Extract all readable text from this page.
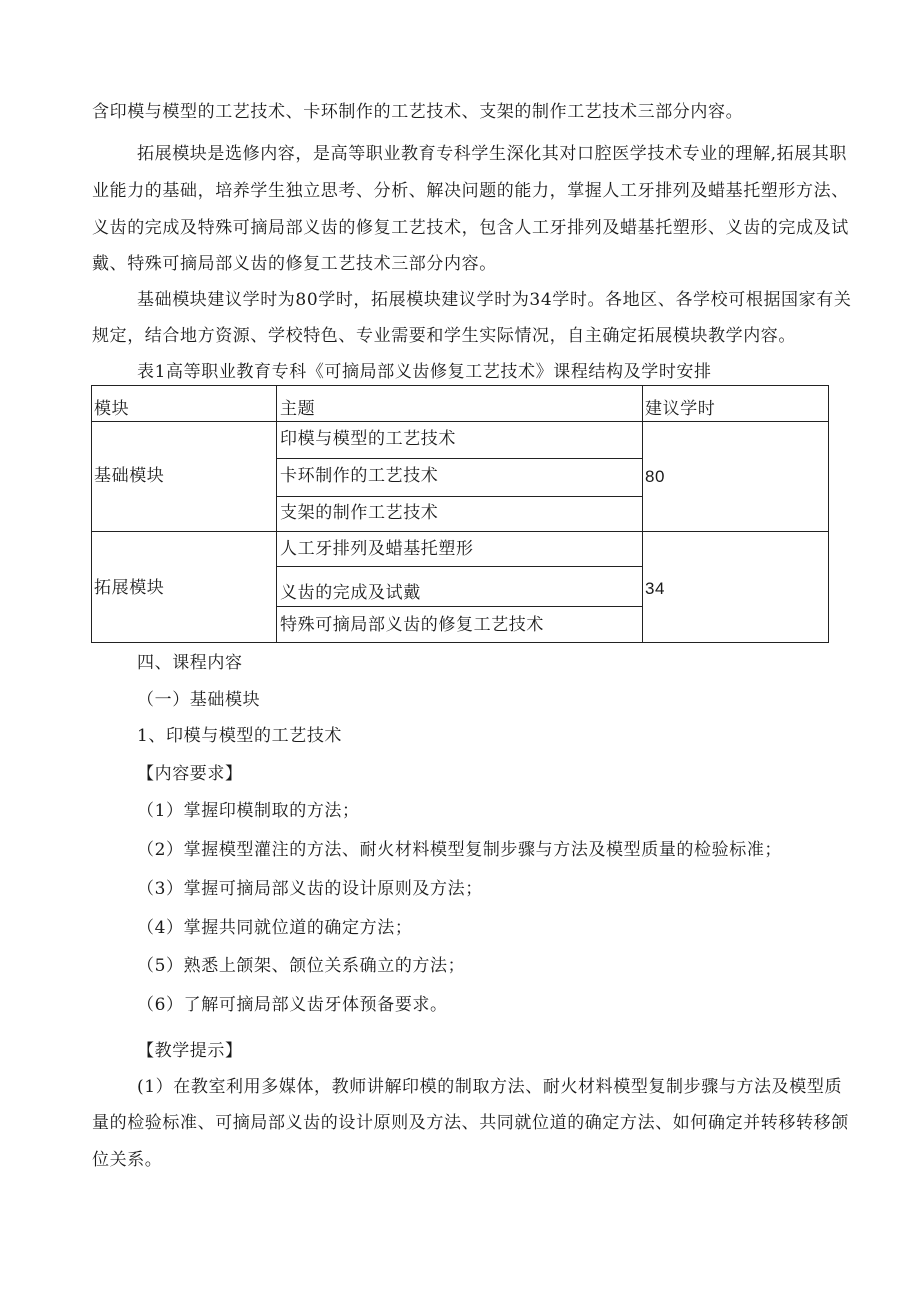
含印模与模型的工艺技术、卡环制作的工艺技术、支架的制作工艺技术三部分内容。
拓展模块是选修内容，是高等职业教育专科学生深化其对口腔医学技术专业的理解,拓展其职
业能力的基础，培养学生独立思考、分析、解决问题的能力，掌握人工牙排列及蜡基托塑形方法、
义齿的完成及特殊可摘局部义齿的修复工艺技术，包含人工牙排列及蜡基托塑形、义齿的完成及试
戴、特殊可摘局部义齿的修复工艺技术三部分内容。
基础模块建议学时为80学时，拓展模块建议学时为34学时。各地区、各学校可根据国家有关
规定，结合地方资源、学校特色、专业需要和学生实际情况，自主确定拓展模块教学内容。
表1高等职业教育专科《可摘局部义齿修复工艺技术》课程结构及学时安排
模块	主题	建议学时
基础模块
印模与模型的工艺技术
卡环制作的工艺技术
支架的制作工艺技术
80
拓展模块
人工牙排列及蜡基托塑形
义齿的完成及试戴
特殊可摘局部义齿的修复工艺技术
34
四、课程内容
（一）基础模块
1、印模与模型的工艺技术
【内容要求】
（1）掌握印模制取的方法；
（2）掌握模型灌注的方法、耐火材料模型复制步骤与方法及模型质量的检验标准；
（3）掌握可摘局部义齿的设计原则及方法；
（4）掌握共同就位道的确定方法；
（5）熟悉上颌架、颌位关系确立的方法；
（6）了解可摘局部义齿牙体预备要求。
【教学提示】
(1）在教室利用多媒体，教师讲解印模的制取方法、耐火材料模型复制步骤与方法及模型质
量的检验标准、可摘局部义齿的设计原则及方法、共同就位道的确定方法、如何确定并转移转移颌
位关系。
